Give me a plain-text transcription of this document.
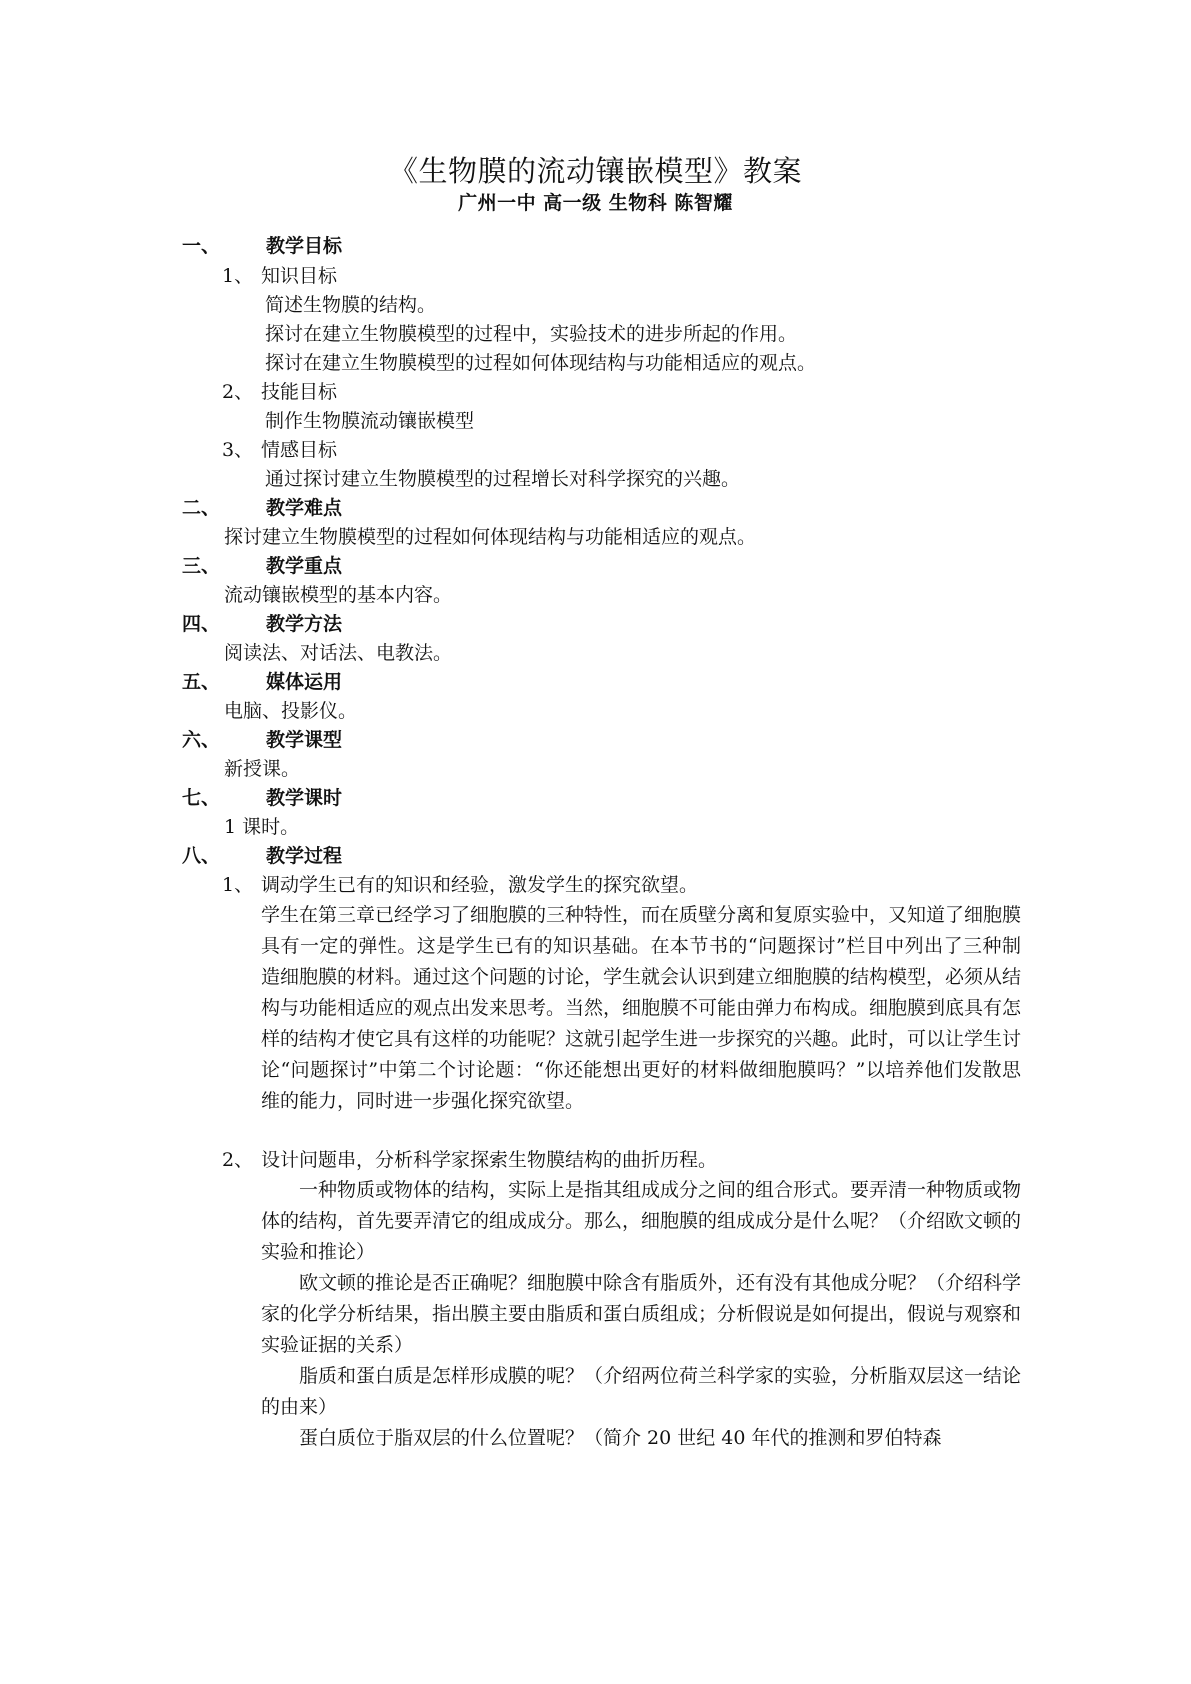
《生物膜的流动镶嵌模型》教案
广州一中 高一级 生物科 陈智耀
一、 教学目标
1、 知识目标
简述生物膜的结构。
探讨在建立生物膜模型的过程中，实验技术的进步所起的作用。
探讨在建立生物膜模型的过程如何体现结构与功能相适应的观点。
2、 技能目标
制作生物膜流动镶嵌模型
3、 情感目标
通过探讨建立生物膜模型的过程增长对科学探究的兴趣。
二、 教学难点
探讨建立生物膜模型的过程如何体现结构与功能相适应的观点。
三、 教学重点
流动镶嵌模型的基本内容。
四、 教学方法
阅读法、对话法、电教法。
五、 媒体运用
电脑、投影仪。
六、 教学课型
新授课。
七、 教学课时
1 课时。
八、 教学过程
1、 调动学生已有的知识和经验，激发学生的探究欲望。

学生在第三章已经学习了细胞膜的三种特性，而在质壁分离和复原实验中，又知道了细胞膜具有一定的弹性。这是学生已有的知识基础。在本节书的“问题探讨”栏目中列出了三种制造细胞膜的材料。通过这个问题的讨论，学生就会认识到建立细胞膜的结构模型，必须从结构与功能相适应的观点出发来思考。当然，细胞膜不可能由弹力布构成。细胞膜到底具有怎样的结构才使它具有这样的功能呢？这就引起学生进一步探究的兴趣。此时，可以让学生讨论“问题探讨”中第二个讨论题：“你还能想出更好的材料做细胞膜吗？”以培养他们发散思维的能力，同时进一步强化探究欲望。

2、 设计问题串，分析科学家探索生物膜结构的曲折历程。

一种物质或物体的结构，实际上是指其组成成分之间的组合形式。要弄清一种物质或物体的结构，首先要弄清它的组成成分。那么，细胞膜的组成成分是什么呢？（介绍欧文顿的实验和推论）

欧文顿的推论是否正确呢？细胞膜中除含有脂质外，还有没有其他成分呢？（介绍科学家的化学分析结果，指出膜主要由脂质和蛋白质组成；分析假说是如何提出，假说与观察和实验证据的关系）

脂质和蛋白质是怎样形成膜的呢？（介绍两位荷兰科学家的实验，分析脂双层这一结论的由来）

蛋白质位于脂双层的什么位置呢？（简介 20 世纪 40 年代的推测和罗伯特森
